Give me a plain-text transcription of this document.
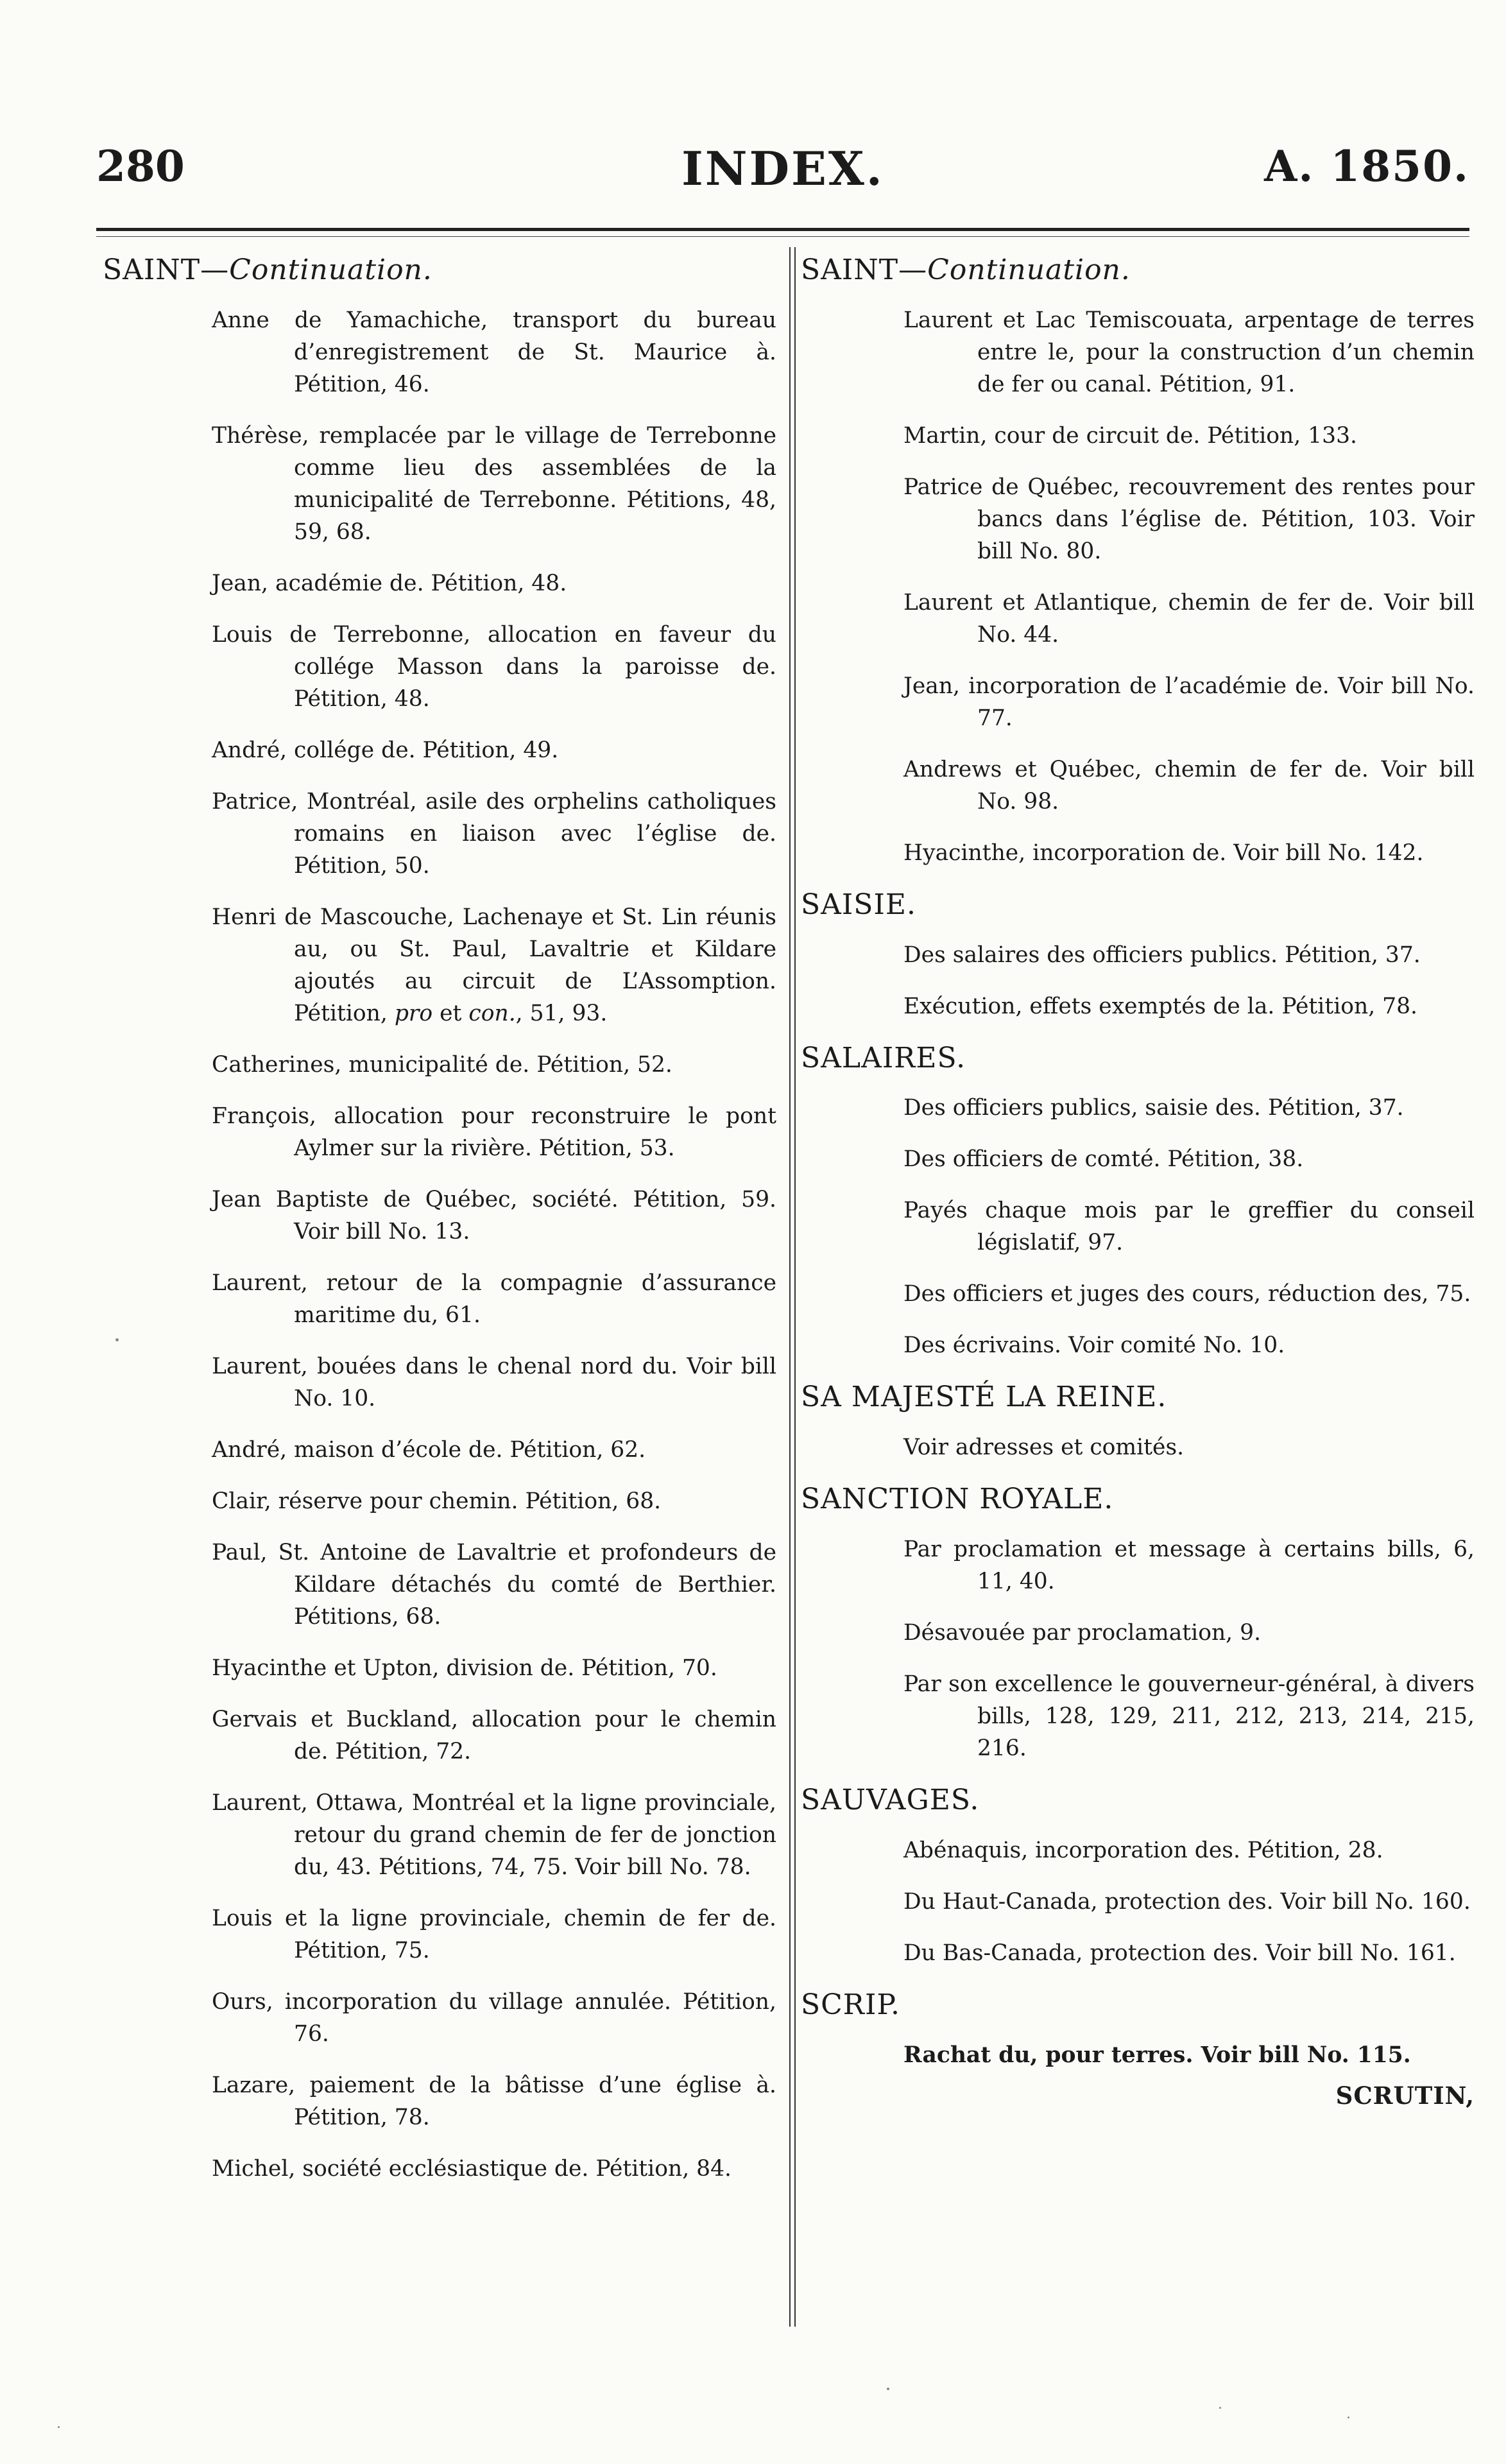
280	INDEX.	A. 1850.
SAINT—Continuation.
Anne de Yamachiche, transport du bureau d’enregistrement de St. Maurice à. Pétition, 46.
Thérèse, remplacée par le village de Terrebonne comme lieu des assemblées de la municipalité de Terrebonne. Pétitions, 48, 59, 68.
Jean, académie de. Pétition, 48.
Louis de Terrebonne, allocation en faveur du collége Masson dans la paroisse de. Pétition, 48.
André, collége de. Pétition, 49.
Patrice, Montréal, asile des orphelins catholiques romains en liaison avec l’église de. Pétition, 50.
Henri de Mascouche, Lachenaye et St. Lin réunis au, ou St. Paul, Lavaltrie et Kildare ajoutés au circuit de L’Assomption. Pétition, pro et con., 51, 93.
Catherines, municipalité de. Pétition, 52.
François, allocation pour reconstruire le pont Aylmer sur la rivière. Pétition, 53.
Jean Baptiste de Québec, société. Pétition, 59. Voir bill No. 13.
Laurent, retour de la compagnie d’assurance maritime du, 61.
Laurent, bouées dans le chenal nord du. Voir bill No. 10.
André, maison d’école de. Pétition, 62.
Clair, réserve pour chemin. Pétition, 68.
Paul, St. Antoine de Lavaltrie et profondeurs de Kildare détachés du comté de Berthier. Pétitions, 68.
Hyacinthe et Upton, division de. Pétition, 70.
Gervais et Buckland, allocation pour le chemin de. Pétition, 72.
Laurent, Ottawa, Montréal et la ligne provinciale, retour du grand chemin de fer de jonction du, 43. Pétitions, 74, 75. Voir bill No. 78.
Louis et la ligne provinciale, chemin de fer de. Pétition, 75.
Ours, incorporation du village annulée. Pétition, 76.
Lazare, paiement de la bâtisse d’une église à. Pétition, 78.
Michel, société ecclésiastique de. Pétition, 84.
SAINT—Continuation.
Laurent et Lac Temiscouata, arpentage de terres entre le, pour la construction d’un chemin de fer ou canal. Pétition, 91.
Martin, cour de circuit de. Pétition, 133.
Patrice de Québec, recouvrement des rentes pour bancs dans l’église de. Pétition, 103. Voir bill No. 80.
Laurent et Atlantique, chemin de fer de. Voir bill No. 44.
Jean, incorporation de l’académie de. Voir bill No. 77.
Andrews et Québec, chemin de fer de. Voir bill No. 98.
Hyacinthe, incorporation de. Voir bill No. 142.
SAISIE.
Des salaires des officiers publics. Pétition, 37.
Exécution, effets exemptés de la. Pétition, 78.
SALAIRES.
Des officiers publics, saisie des. Pétition, 37.
Des officiers de comté. Pétition, 38.
Payés chaque mois par le greffier du conseil législatif, 97.
Des officiers et juges des cours, réduction des, 75.
Des écrivains. Voir comité No. 10.
SA MAJESTÉ LA REINE.
Voir adresses et comités.
SANCTION ROYALE.
Par proclamation et message à certains bills, 6, 11, 40.
Désavouée par proclamation, 9.
Par son excellence le gouverneur-général, à divers bills, 128, 129, 211, 212, 213, 214, 215, 216.
SAUVAGES.
Abénaquis, incorporation des. Pétition, 28.
Du Haut-Canada, protection des. Voir bill No. 160.
Du Bas-Canada, protection des. Voir bill No. 161.
SCRIP.
Rachat du, pour terres. Voir bill No. 115.
SCRUTIN,
